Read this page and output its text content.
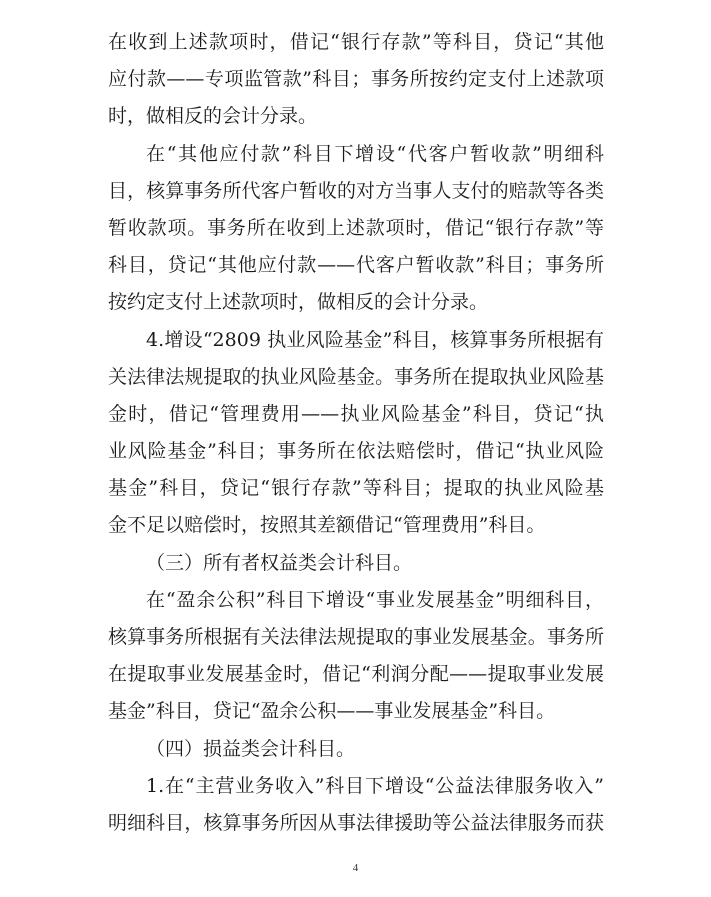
在收到上述款项时，借记“银行存款”等科目，贷记“其他
应付款——专项监管款”科目；事务所按约定支付上述款项
时，做相反的会计分录。
在“其他应付款”科目下增设“代客户暂收款”明细科
目，核算事务所代客户暂收的对方当事人支付的赔款等各类
暂收款项。事务所在收到上述款项时，借记“银行存款”等
科目，贷记“其他应付款——代客户暂收款”科目；事务所
按约定支付上述款项时，做相反的会计分录。
4.增设“2809 执业风险基金”科目，核算事务所根据有
关法律法规提取的执业风险基金。事务所在提取执业风险基
金时，借记“管理费用——执业风险基金”科目，贷记“执
业风险基金”科目；事务所在依法赔偿时，借记“执业风险
基金”科目，贷记“银行存款”等科目；提取的执业风险基
金不足以赔偿时，按照其差额借记“管理费用”科目。
（三）所有者权益类会计科目。
在“盈余公积”科目下增设“事业发展基金”明细科目，
核算事务所根据有关法律法规提取的事业发展基金。事务所
在提取事业发展基金时，借记“利润分配——提取事业发展
基金”科目，贷记“盈余公积——事业发展基金”科目。
（四）损益类会计科目。
1.在“主营业务收入”科目下增设“公益法律服务收入”
明细科目，核算事务所因从事法律援助等公益法律服务而获
4
